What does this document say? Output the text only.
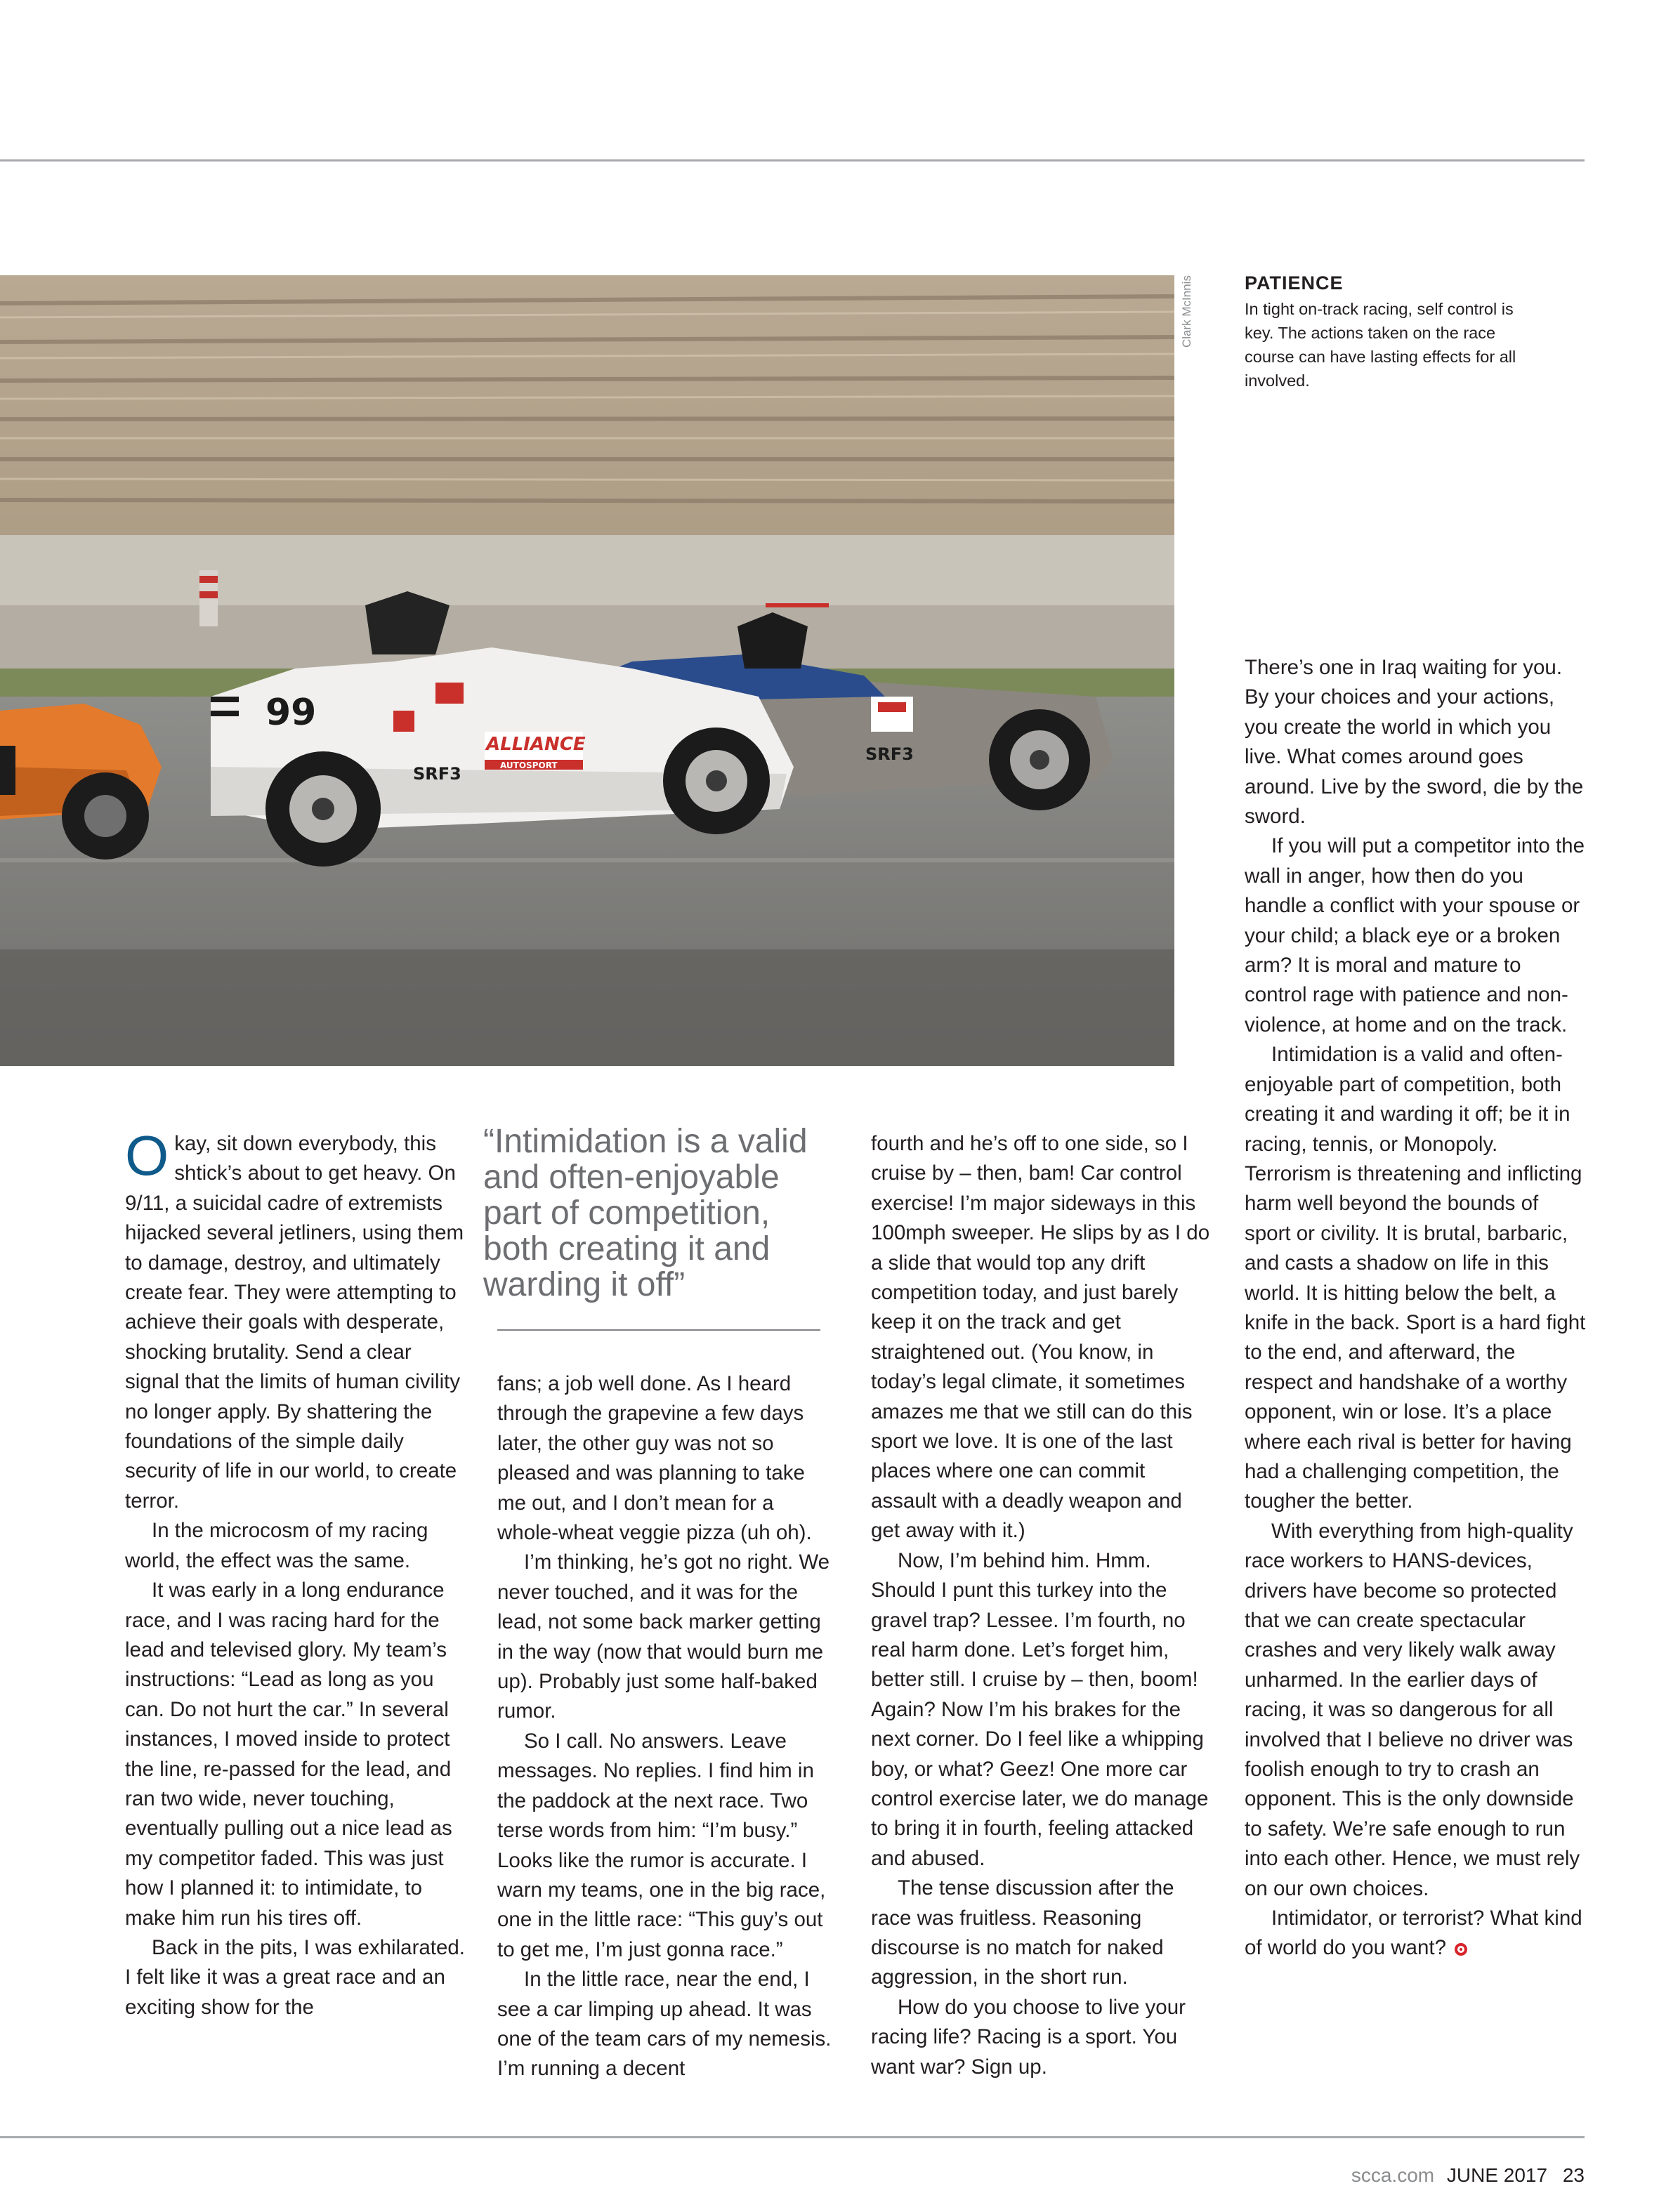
SRF3
99
ALLIANCE
AUTOSPORT
SRF3
Clark McInnis	PATIENCE

In tight on-track racing, self control is key. The actions taken on the race course can have lasting effects for all involved.

Okay, sit down everybody, this shtick’s about to get heavy. On 9/11, a suicidal cadre of extremists hijacked several jetliners, using them to damage, destroy, and ultimately create fear. They were attempting to achieve their goals with desperate, shocking brutality. Send a clear signal that the limits of human civility no longer apply. By shattering the foundations of the simple daily security of life in our world, to create terror.

In the microcosm of my racing world, the effect was the same.

It was early in a long endurance race, and I was racing hard for the lead and televised glory. My team’s instructions: “Lead as long as you can. Do not hurt the car.” In several instances, I moved inside to protect the line, re-passed for the lead, and ran two wide, never touching, eventually pulling out a nice lead as my competitor faded. This was just how I planned it: to intimidate, to make him run his tires off.

Back in the pits, I was exhilarated. I felt like it was a great race and an exciting show for the

“Intimidation is a valid and often-enjoyable part of competition, both creating it and warding it off”

fans; a job well done. As I heard through the grapevine a few days later, the other guy was not so pleased and was planning to take me out, and I don’t mean for a whole-wheat veggie pizza (uh oh).

I’m thinking, he’s got no right. We never touched, and it was for the lead, not some back marker getting in the way (now that would burn me up). Probably just some half-baked rumor.

So I call. No answers. Leave messages. No replies. I find him in the paddock at the next race. Two terse words from him: “I’m busy.” Looks like the rumor is accurate. I warn my teams, one in the big race, one in the little race: “This guy’s out to get me, I’m just gonna race.”

In the little race, near the end, I see a car limping up ahead. It was one of the team cars of my nemesis. I’m running a decent

fourth and he’s off to one side, so I cruise by – then, bam! Car control exercise! I’m major sideways in this 100mph sweeper. He slips by as I do a slide that would top any drift competition today, and just barely keep it on the track and get straightened out. (You know, in today’s legal climate, it sometimes amazes me that we still can do this sport we love. It is one of the last places where one can commit assault with a deadly weapon and get away with it.)

Now, I’m behind him. Hmm. Should I punt this turkey into the gravel trap? Lessee. I’m fourth, no real harm done. Let’s forget him, better still. I cruise by – then, boom! Again? Now I’m his brakes for the next corner. Do I feel like a whipping boy, or what? Geez! One more car control exercise later, we do manage to bring it in fourth, feeling attacked and abused.

The tense discussion after the race was fruitless. Reasoning discourse is no match for naked aggression, in the short run.

How do you choose to live your racing life? Racing is a sport. You want war? Sign up.

There’s one in Iraq waiting for you. By your choices and your actions, you create the world in which you live. What comes around goes around. Live by the sword, die by the sword.

If you will put a competitor into the wall in anger, how then do you handle a conflict with your spouse or your child; a black eye or a broken arm? It is moral and mature to control rage with patience and non-violence, at home and on the track.

Intimidation is a valid and often-enjoyable part of competition, both creating it and warding it off; be it in racing, tennis, or Monopoly. Terrorism is threatening and inflicting harm well beyond the bounds of sport or civility. It is brutal, barbaric, and casts a shadow on life in this world. It is hitting below the belt, a knife in the back. Sport is a hard fight to the end, and afterward, the respect and handshake of a worthy opponent, win or lose. It’s a place where each rival is better for having had a challenging competition, the tougher the better.

With everything from high-quality race workers to HANS-devices, drivers have become so protected that we can create spectacular crashes and very likely walk away unharmed. In the earlier days of racing, it was so dangerous for all involved that I believe no driver was foolish enough to try to crash an opponent. This is the only downside to safety. We’re safe enough to run into each other. Hence, we must rely on our own choices.

Intimidator, or terrorist? What kind of world do you want?

scca.com JUNE 2017 23
